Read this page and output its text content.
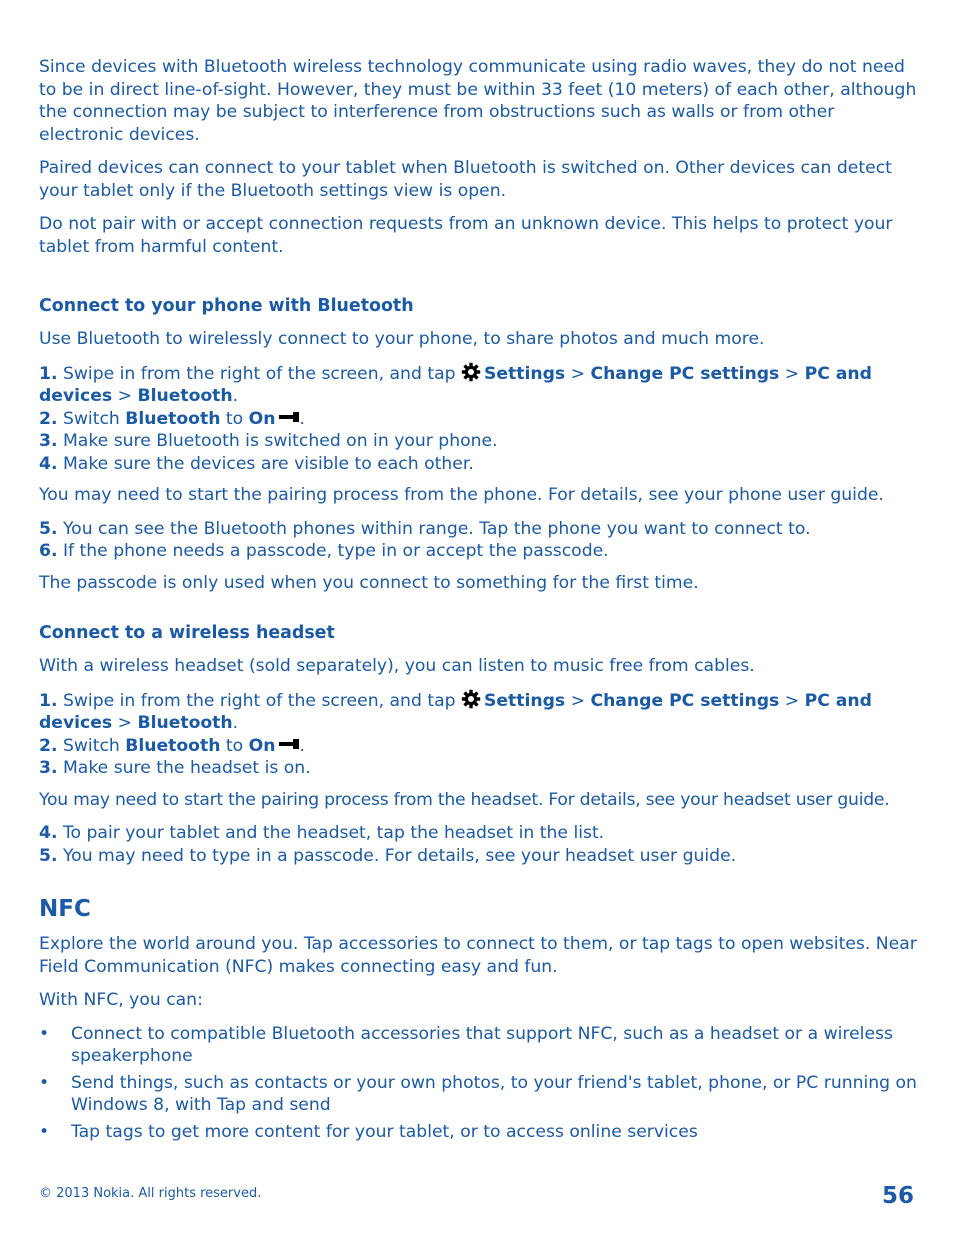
Since devices with Bluetooth wireless technology communicate using radio waves, they do not need to be in direct line-of-sight. However, they must be within 33 feet (10 meters) of each other, although the connection may be subject to interference from obstructions such as walls or from other electronic devices.

Paired devices can connect to your tablet when Bluetooth is switched on. Other devices can detect your tablet only if the Bluetooth settings view is open.

Do not pair with or accept connection requests from an unknown device. This helps to protect your tablet from harmful content.

Connect to your phone with Bluetooth

Use Bluetooth to wirelessly connect to your phone, to share photos and much more.

1. Swipe in from the right of the screen, and tap Settings > Change PC settings > PC and devices > Bluetooth.

2. Switch Bluetooth to On .

3. Make sure Bluetooth is switched on in your phone.

4. Make sure the devices are visible to each other.

You may need to start the pairing process from the phone. For details, see your phone user guide.

5. You can see the Bluetooth phones within range. Tap the phone you want to connect to.

6. If the phone needs a passcode, type in or accept the passcode.

The passcode is only used when you connect to something for the first time.

Connect to a wireless headset

With a wireless headset (sold separately), you can listen to music free from cables.

1. Swipe in from the right of the screen, and tap Settings > Change PC settings > PC and devices > Bluetooth.

2. Switch Bluetooth to On .

3. Make sure the headset is on.

You may need to start the pairing process from the headset. For details, see your headset user guide.

4. To pair your tablet and the headset, tap the headset in the list.

5. You may need to type in a passcode. For details, see your headset user guide.

NFC

Explore the world around you. Tap accessories to connect to them, or tap tags to open websites. Near Field Communication (NFC) makes connecting easy and fun.

With NFC, you can:

• Connect to compatible Bluetooth accessories that support NFC, such as a headset or a wireless speakerphone
• Send things, such as contacts or your own photos, to your friend's tablet, phone, or PC running on Windows 8, with Tap and send
• Tap tags to get more content for your tablet, or to access online services
© 2013 Nokia. All rights reserved.	56
